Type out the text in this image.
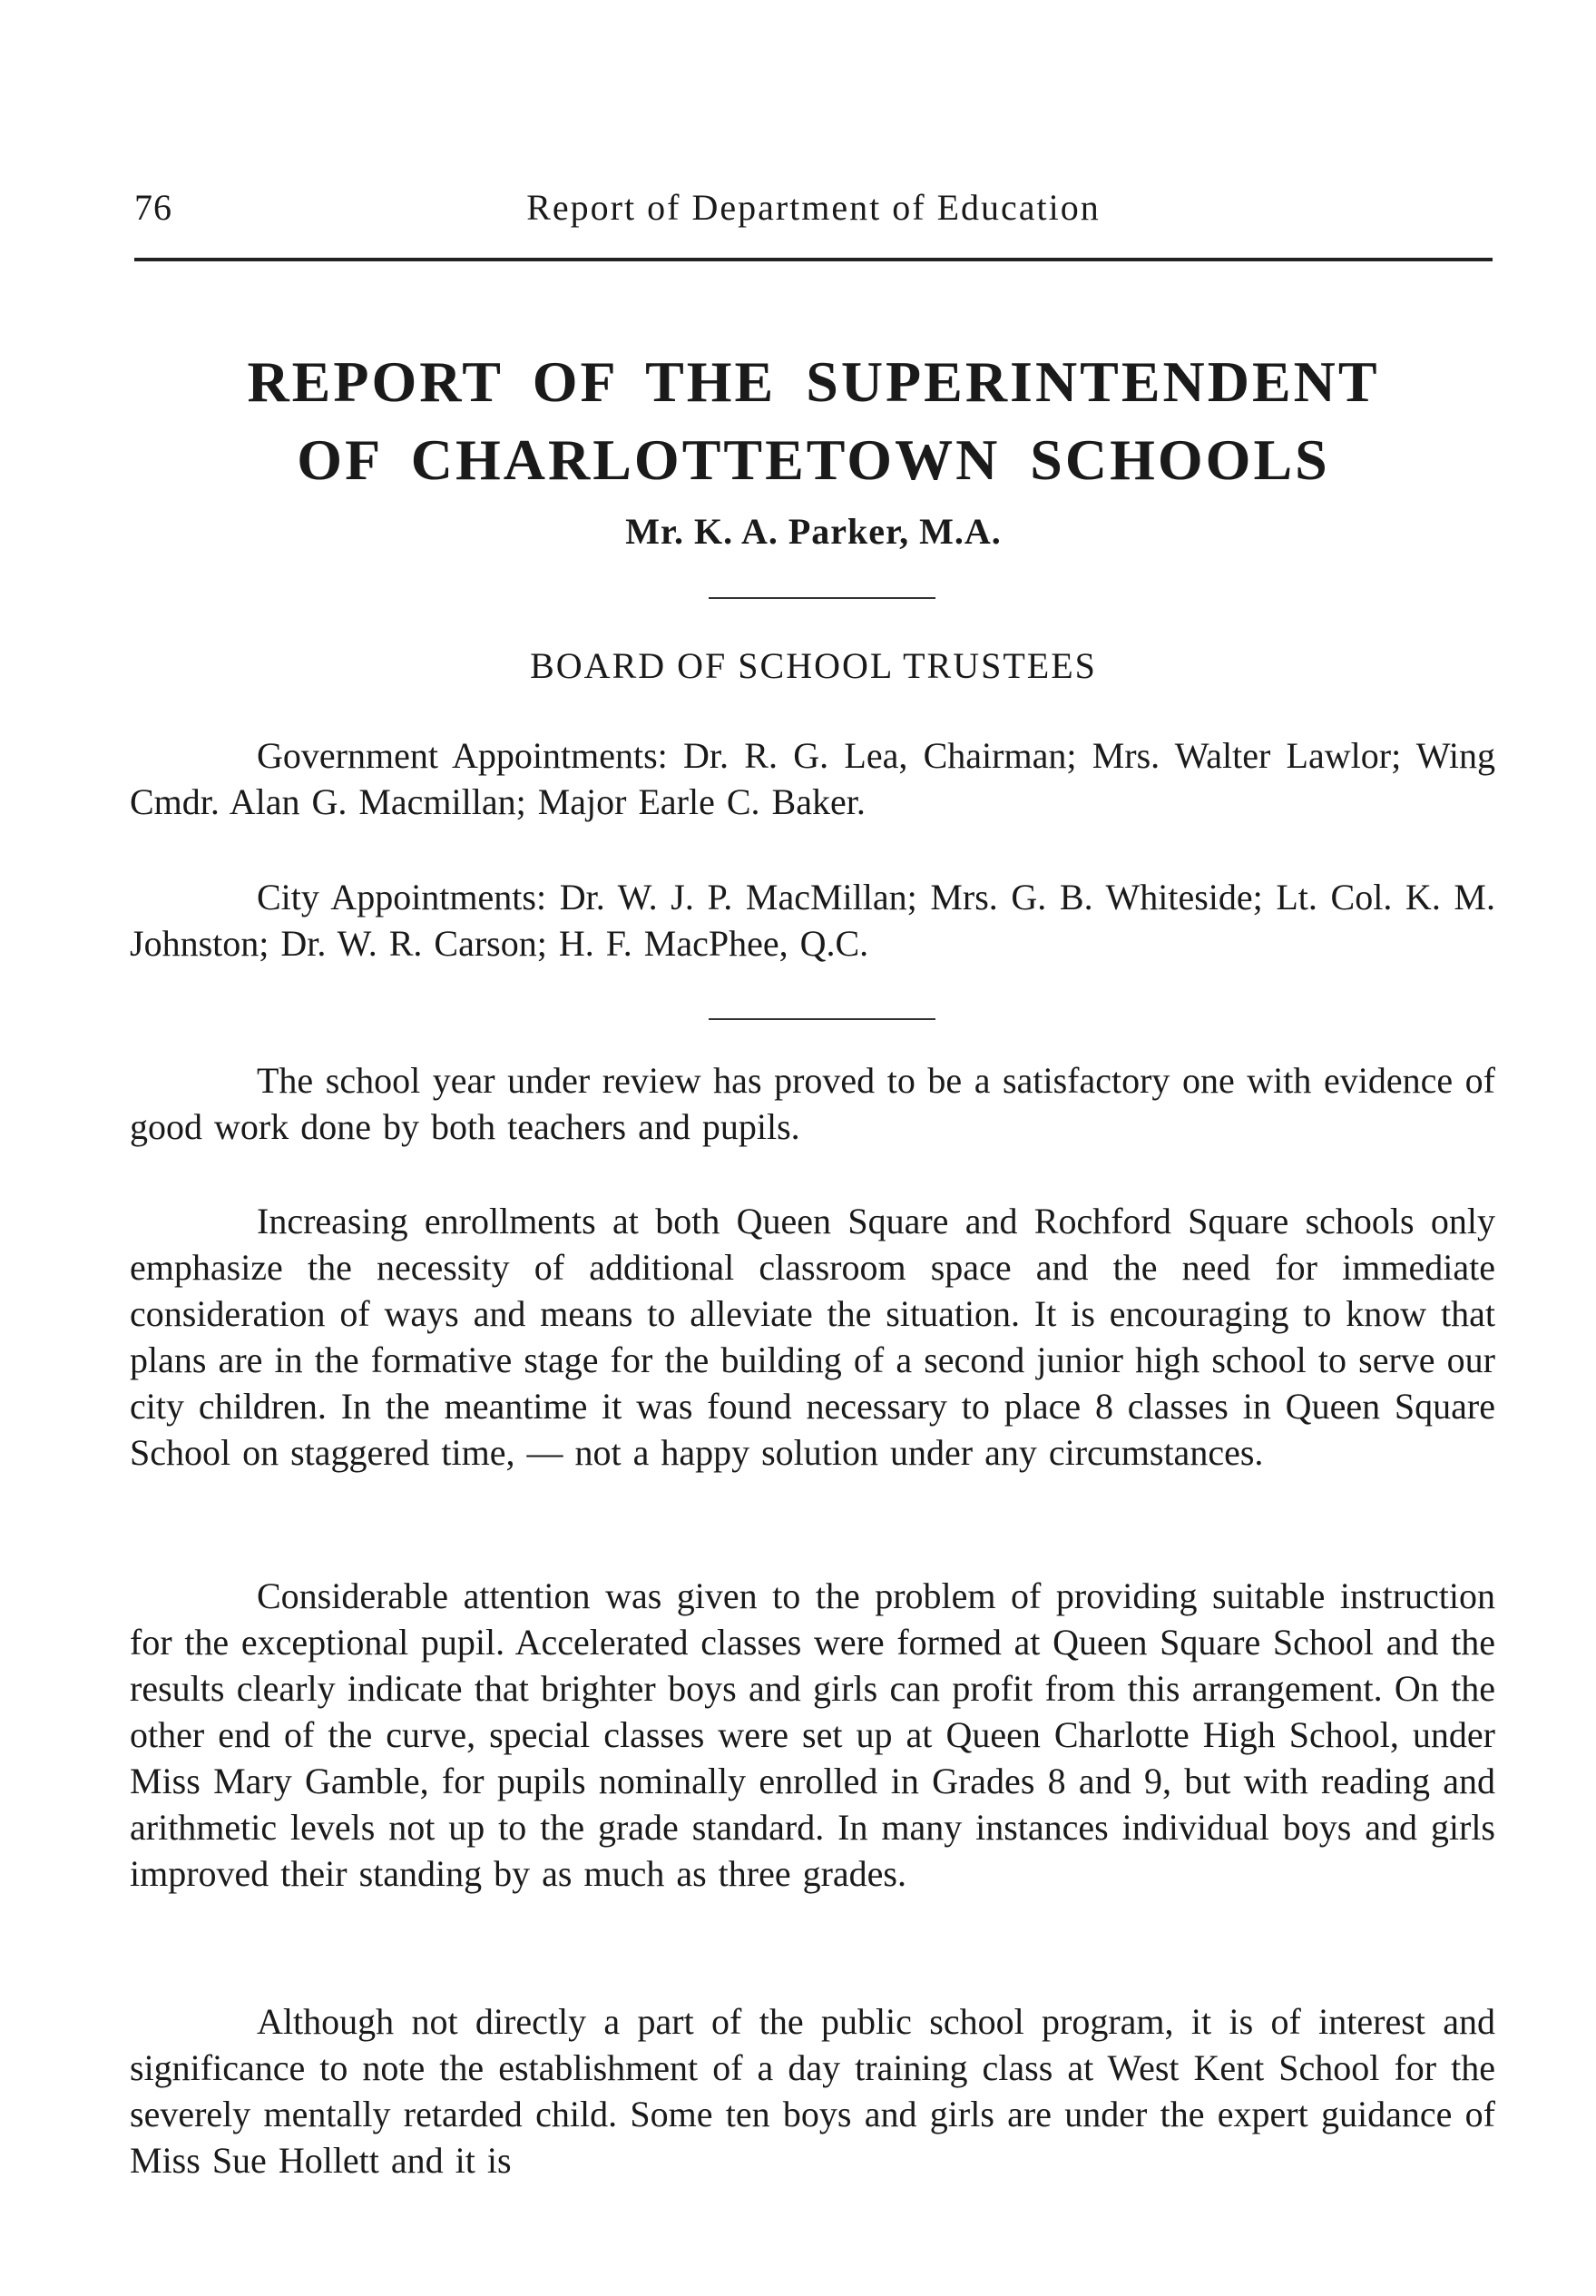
76	Report of Department of Education
REPORT OF THE SUPERINTENDENT
OF CHARLOTTETOWN SCHOOLS
Mr. K. A. Parker, M.A.
BOARD OF SCHOOL TRUSTEES

Government Appointments: Dr. R. G. Lea, Chairman; Mrs. Walter Lawlor; Wing Cmdr. Alan G. Macmillan; Major Earle C. Baker.

City Appointments: Dr. W. J. P. MacMillan; Mrs. G. B. Whiteside; Lt. Col. K. M. Johnston; Dr. W. R. Carson; H. F. MacPhee, Q.C.

The school year under review has proved to be a satisfactory one with evidence of good work done by both teachers and pupils.

Increasing enrollments at both Queen Square and Rochford Square schools only emphasize the necessity of additional classroom space and the need for immediate consideration of ways and means to alleviate the situation. It is encouraging to know that plans are in the formative stage for the building of a second junior high school to serve our city children. In the meantime it was found necessary to place 8 classes in Queen Square School on staggered time, — not a happy solution under any circumstances.

Considerable attention was given to the problem of providing suitable instruction for the exceptional pupil. Accelerated classes were formed at Queen Square School and the results clearly indicate that brighter boys and girls can profit from this arrangement. On the other end of the curve, special classes were set up at Queen Charlotte High School, under Miss Mary Gamble, for pupils nominally enrolled in Grades 8 and 9, but with reading and arithmetic levels not up to the grade standard. In many instances individual boys and girls improved their standing by as much as three grades.

Although not directly a part of the public school program, it is of interest and significance to note the establishment of a day training class at West Kent School for the severely mentally retarded child. Some ten boys and girls are under the expert guidance of Miss Sue Hollett and it is
